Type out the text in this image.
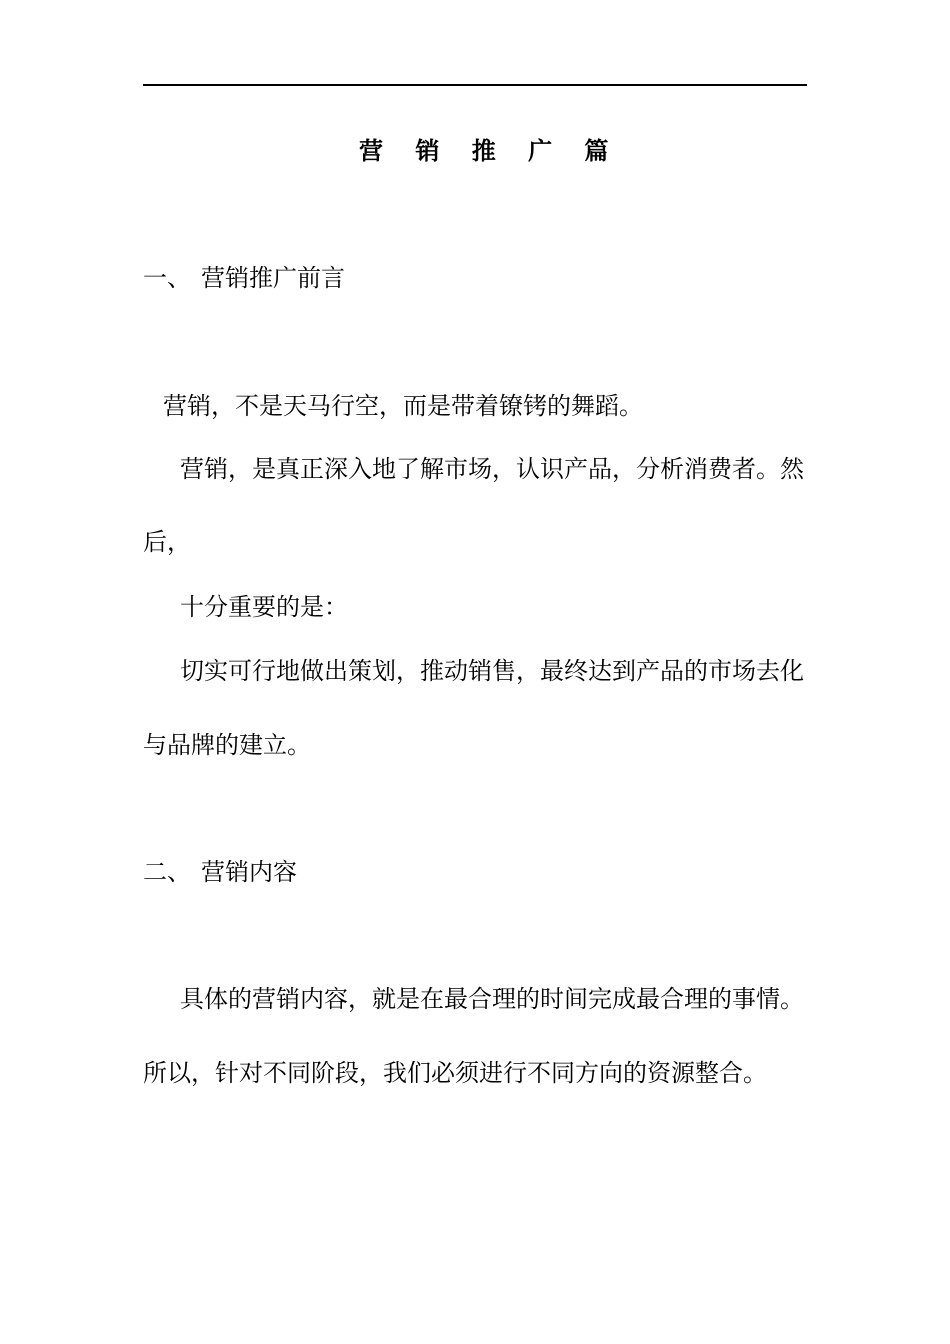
营 销 推 广 篇
一、 营销推广前言
营销，不是天马行空，而是带着镣铐的舞蹈。
营销，是真正深入地了解市场，认识产品，分析消费者。然
后，
十分重要的是：
切实可行地做出策划，推动销售，最终达到产品的市场去化
与品牌的建立。
二、 营销内容
具体的营销内容，就是在最合理的时间完成最合理的事情。
所以，针对不同阶段，我们必须进行不同方向的资源整合。
